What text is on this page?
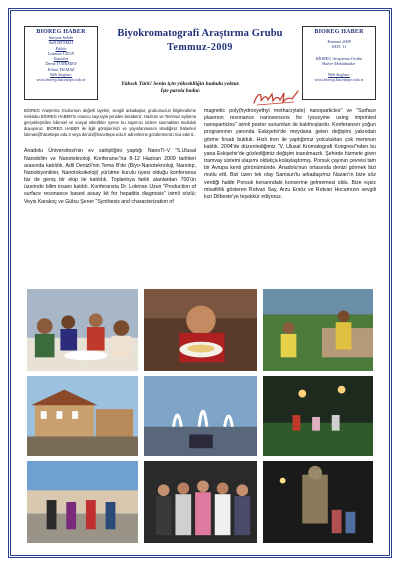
BIOREG HABER
İmtiyaz Sahibi
Adil DENİZLİ
Editör
Lokman UZUN
Yazarlar
Deniz TÜRKMEN
Erhan YILMAZ
Web Sayfası:
www.bioreg.hacettepe.edu.tr
BIOREG HABER
Temmuz 2009
SAYI: 11
BİOREG Araştırma Grubu
Haber Mektubudur.
Web Sayfası:
www.bioreg.hacettepe.edu.tr
Biyokromatografi Araştırma Grubu
Temmuz-2009
Yüksek Türk! Senin için yükseklliğin hududu yoktur.
İşte parola budur.

BİOREG Araştırma Grubu'nun değerli üyeleri, sevgili arkadaşlar, grubumuzun bilgilendirme mektubu BİOREG HABER'in onuncu sayısıyla yeniden beraberiz. Haziran ve Temmuz aylarına gerçekleştirilen bilimsel ve sosyal etkinlikler içeren bu sayımızı sizlere sunmaktan mutluluk duyuyoruz. BİOREG HABER ile ilgili görüşlerinizi ve yayınlanmasını istediğiniz haberleri lokman@hacettepe.edu.tr veya denizt@hacettepe.edu.tr adreslerine göndermenizi rica ederiz.

Anadolu Üniversitesi'nin ev sahipliğini yaptığı NanoTr-V "5.Ulusal Nanobilim ve Nanoteknoloji Konferansı"na 8-12 Haziran 2009 tarihleri arasında katıldık. Adil Denizli'nin Tema B'de (Biyo-Nanoteknoloji, Nanotıp, Nanobiyonikler, Nanotoksikoloji) yürütme kurulu üyesi olduğu konferansa biz de geniş bir ekip ile katıldık. Toplantıya farklı alanlardan 700'ün üzerinde bilim insanı katıldı. Konferansta Dr. Lokman Uzun "Production of surface resonance based assay kit for hepatitis diagnosis" isimli sözlü; Veyis Karakoç ve Gülsu Şener "Synthesis and characterization of

magnetic poly(hydroxyethyl methacrylate) nanoparticles" ve "Surface plasmon resonance nanosensors for lysozyme using imprinted nanoparticles" isimli poster sunumları ile katılmışlardır. Konferansın yoğun programının yanında Eskişehir'de meydana gelen değişimi yakından görme fırsatı bulduk. Hızlı tren ile yaptığımız yolculuktan çok memnun kaldık. 2004'de düzenlediğimiz "V. Ulusal Kromatografi Kongresi"nden bu yana Eskişehir'de gözlediğimiz değişim inanılmazdı. Şehirde hizmete giren tramvay sistemi ulaşımı oldukça kolaylaştırmış. Porsuk çayının çevresi tam bir Avrupa kenti görünümünde. Anadolu'nun ortasında denizi görmek bizi mutlu etti. Bizi üzen tek olay Samsun'lu arkadaşımız Nazan'ın bize söz verdiği halde Porsuk kenarındaki konserine gelmemesi oldu. Bize eşsiz misafirlik gösteren Rıdvan Say, Arzu Ersöz ve Rıdvan Hocamızın sevgili kızı Dilbeste'ye teşekkür ediyoruz.
